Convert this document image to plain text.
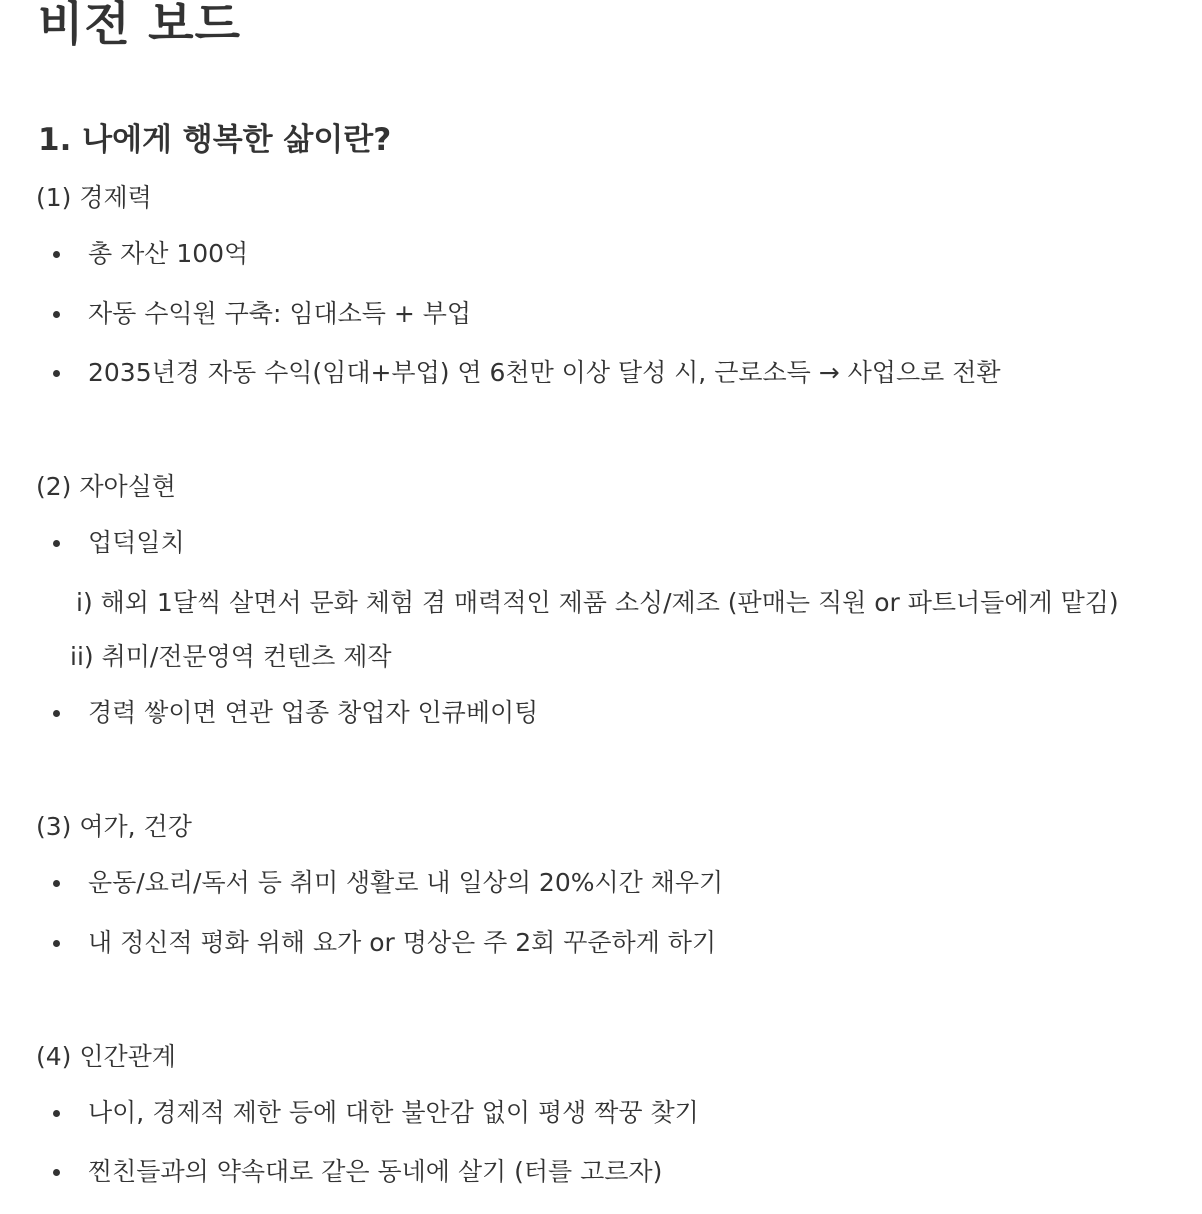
비전 보드
1. 나에게 행복한 삶이란?
(1) 경제력
총 자산 100억
자동 수익원 구축: 임대소득 + 부업
2035년경 자동 수익(임대+부업) 연 6천만 이상 달성 시, 근로소득 → 사업으로 전환
(2) 자아실현
업덕일치
i) 해외 1달씩 살면서 문화 체험 겸 매력적인 제품 소싱/제조 (판매는 직원 or 파트너들에게 맡김)
ii) 취미/전문영역 컨텐츠 제작
경력 쌓이면 연관 업종 창업자 인큐베이팅
(3) 여가, 건강
운동/요리/독서 등 취미 생활로 내 일상의 20%시간 채우기
내 정신적 평화 위해 요가 or 명상은 주 2회 꾸준하게 하기
(4) 인간관계
나이, 경제적 제한 등에 대한 불안감 없이 평생 짝꿍 찾기
찐친들과의 약속대로 같은 동네에 살기 (터를 고르자)
